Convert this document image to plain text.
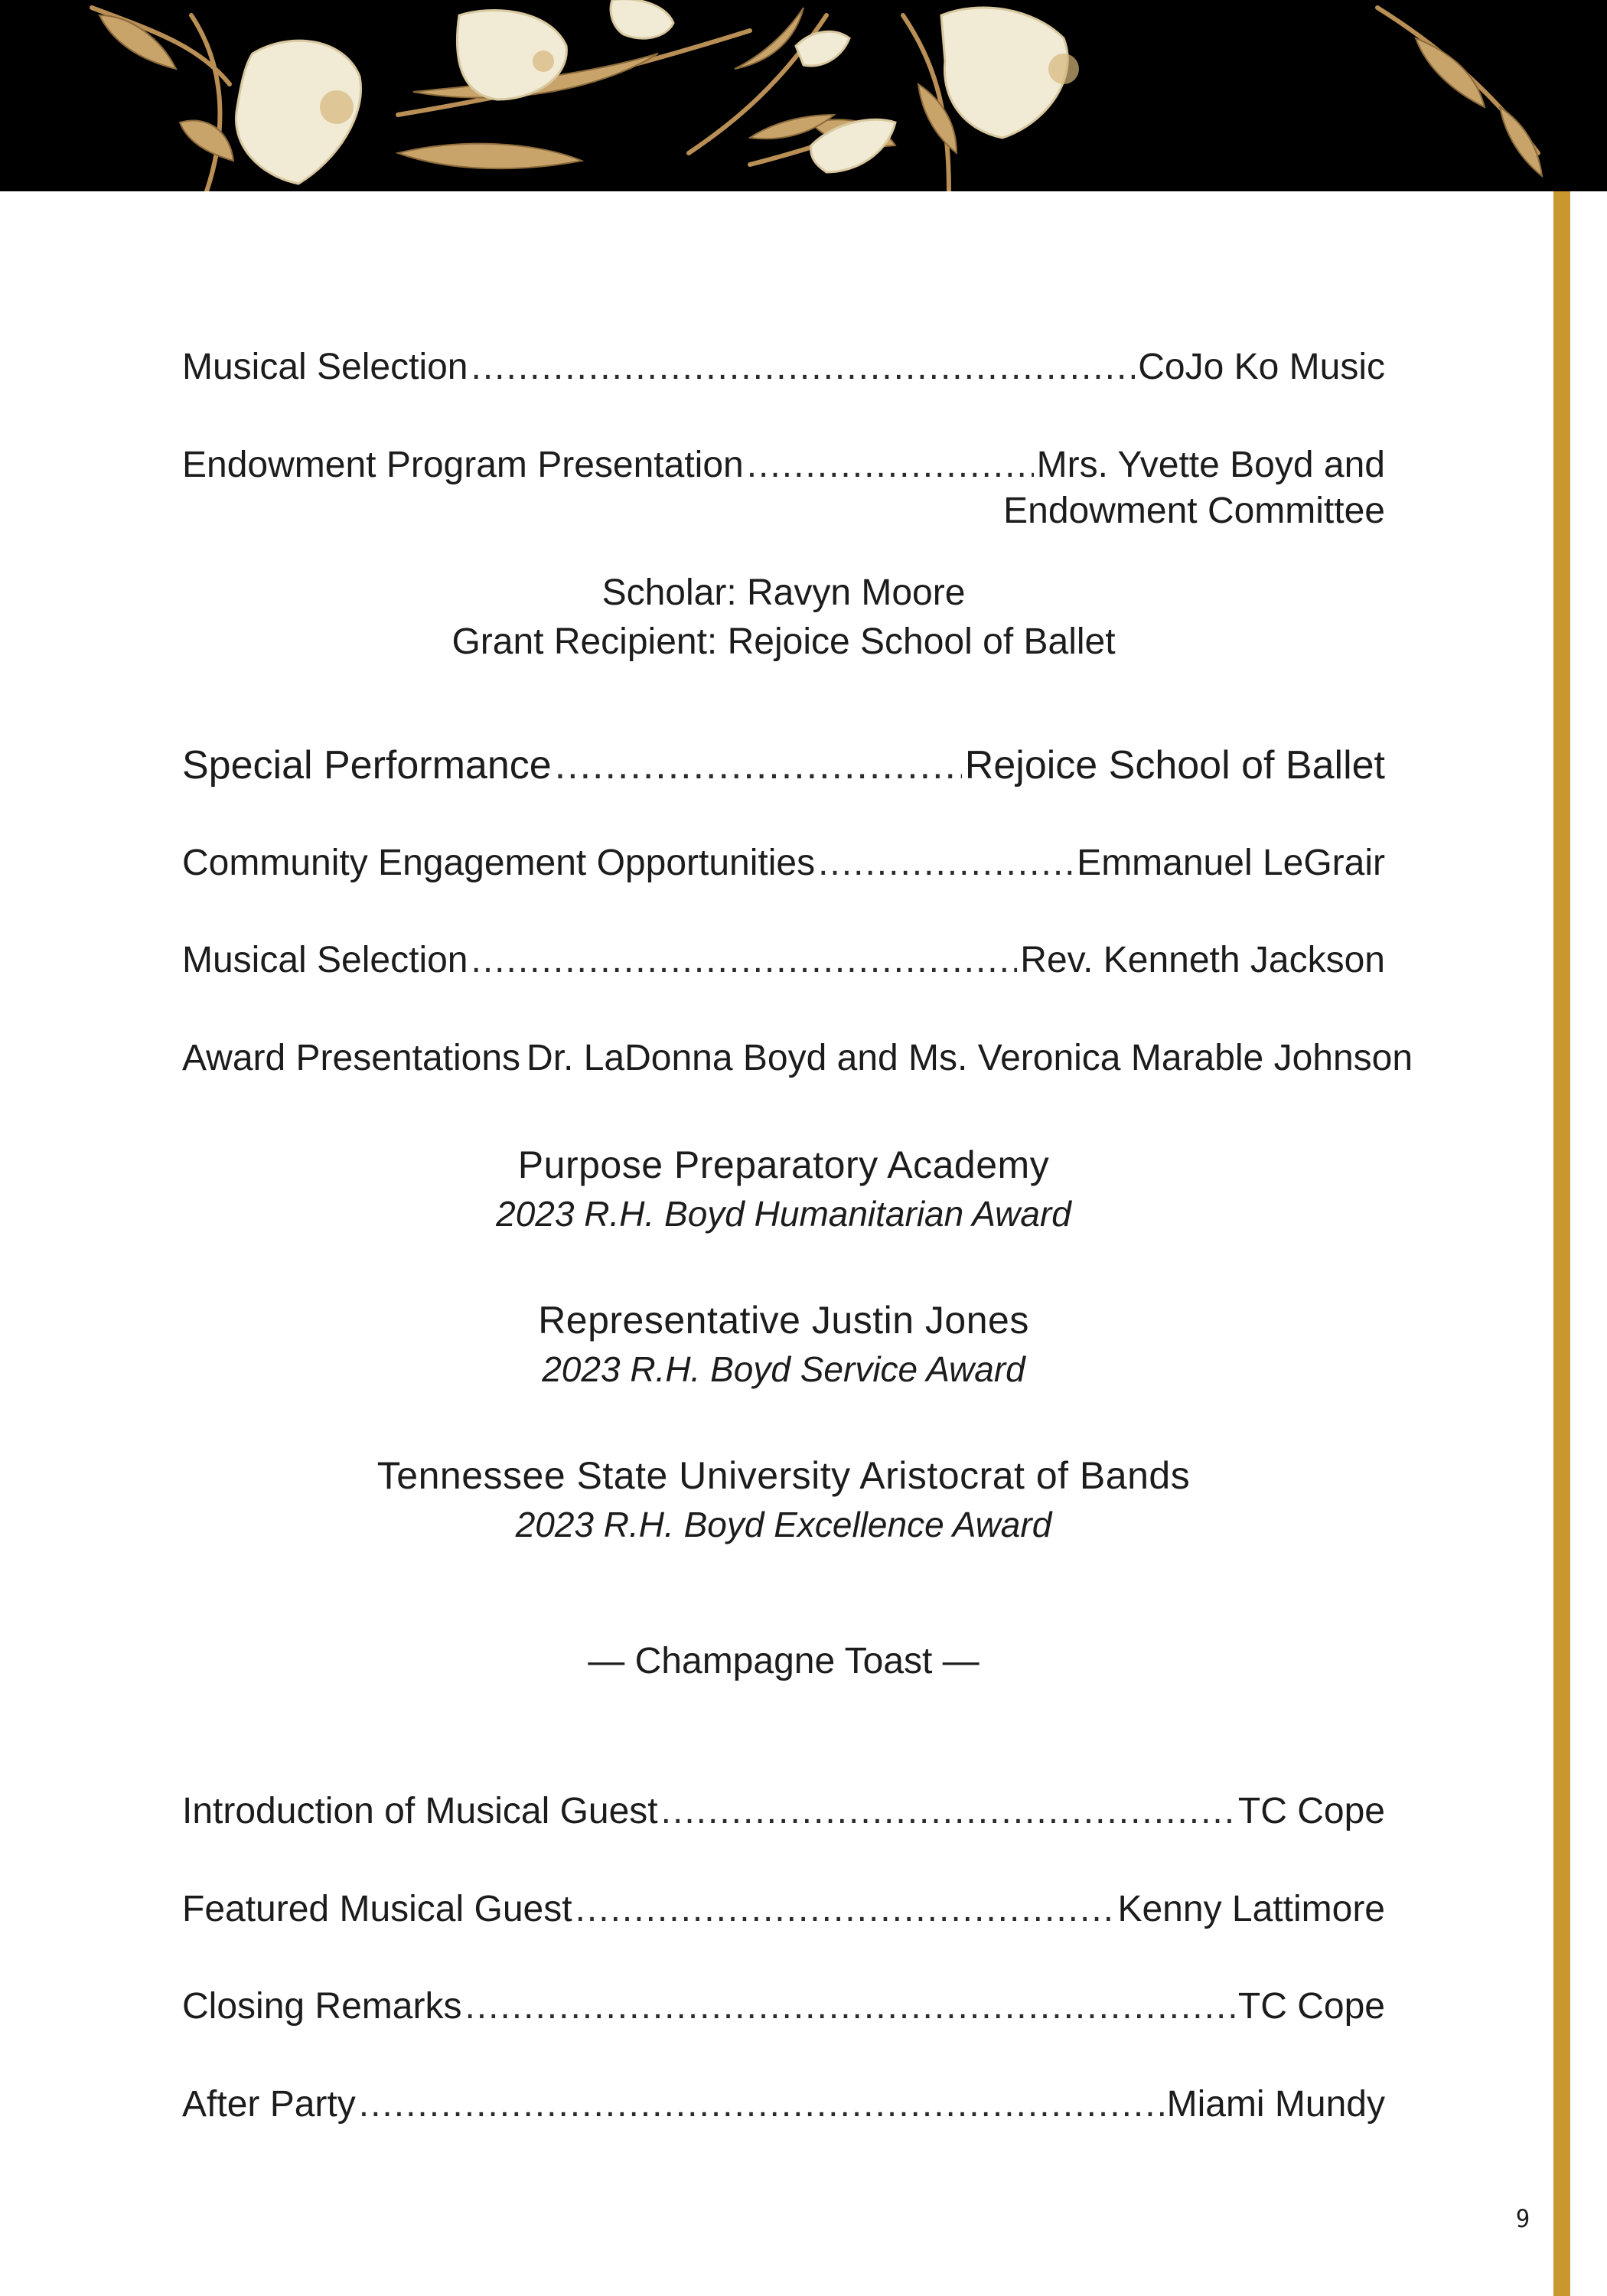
Musical Selection .....	CoJo Ko Music
Endowment Program Presentation .....	Mrs. Yvette Boyd and
Endowment Committee
Scholar: Ravyn Moore
Grant Recipient: Rejoice School of Ballet
Special Performance .....	Rejoice School of Ballet
Community Engagement Opportunities .....	Emmanuel LeGrair
Musical Selection .....	Rev. Kenneth Jackson
Award Presentations Dr. LaDonna Boyd and Ms. Veronica Marable Johnson
Purpose Preparatory Academy
2023 R.H. Boyd Humanitarian Award
Representative Justin Jones
2023 R.H. Boyd Service Award
Tennessee State University Aristocrat of Bands
2023 R.H. Boyd Excellence Award
— Champagne Toast —
Introduction of Musical Guest .....	TC Cope
Featured Musical Guest .....	Kenny Lattimore
Closing Remarks .....	TC Cope
After Party .....	Miami Mundy
9
